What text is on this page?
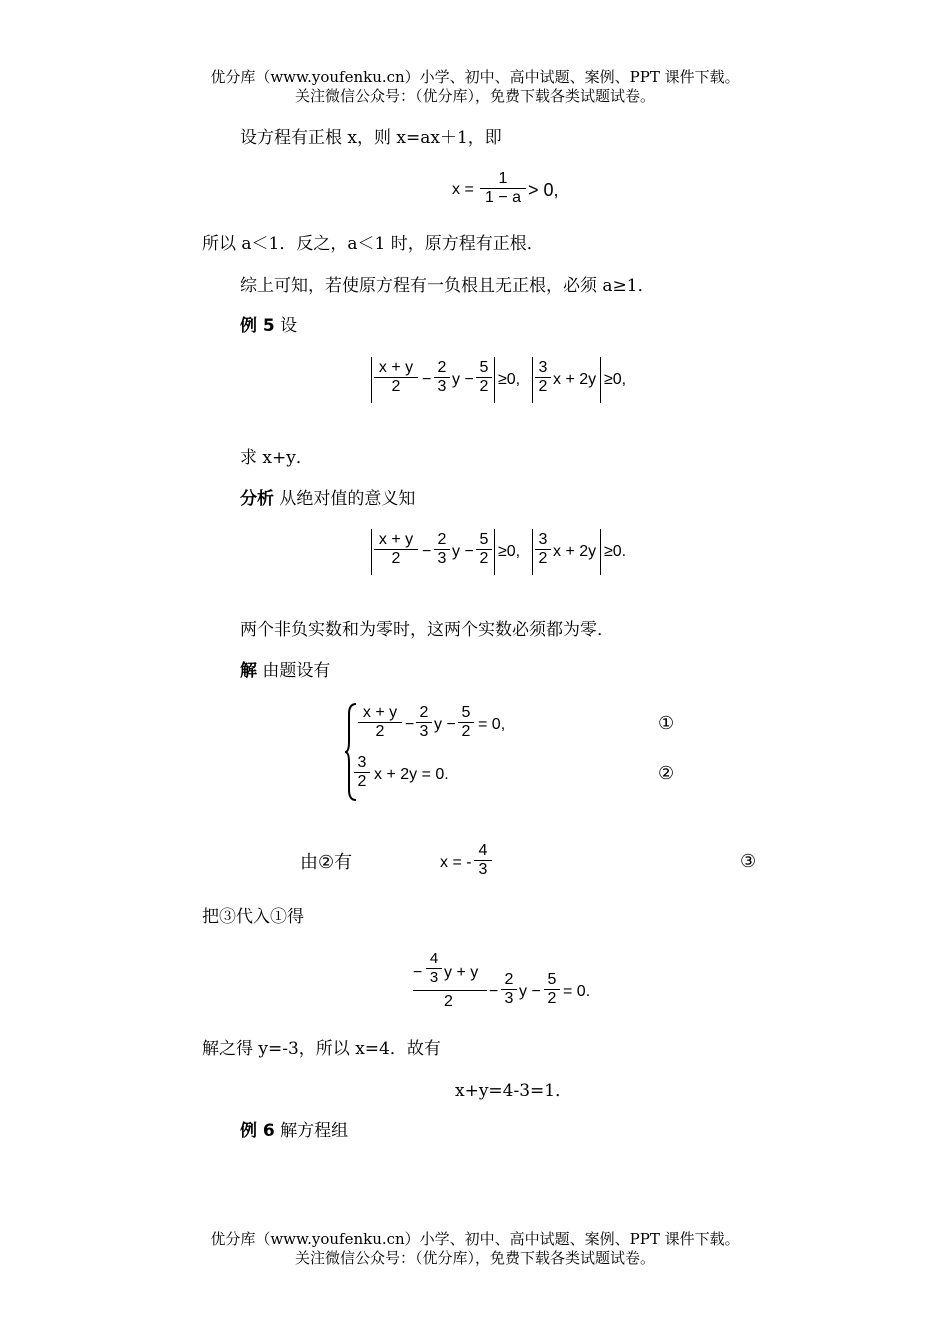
优分库（www.youfenku.cn）小学、初中、高中试题、案例、PPT 课件下载。
关注微信公众号：（优分库），免费下载各类试题试卷。
设方程有正根 x，则 x=ax＋1，即
x =
1
1 − a > 0,
所以 a＜1．反之，a＜1 时，原方程有正根．
综上可知，若使原方程有一负根且无正根，必须 a≥1．
例 5 设
x + y
2	−
2
3 y −
5
2 ≥0,
3
2 x + 2y ≥0,
求 x+y．
分析 从绝对值的意义知
x + y
2	−
2
3 y −
5
2 ≥0,
3
2 x + 2y ≥0.
两个非负实数和为零时，这两个实数必须都为零．
解 由题设有
x + y
2	−
2
3 y −
5
2 = 0,	①
3
2 x + 2y = 0.	②
由②有	x = -
4
3	③
把③代入①得
−
4
3 y + y
2
−
2
3 y −
5
2 = 0.
解之得 y=-3，所以 x=4．故有
x+y=4-3=1．
例 6 解方程组
优分库（www.youfenku.cn）小学、初中、高中试题、案例、PPT 课件下载。
关注微信公众号：（优分库），免费下载各类试题试卷。
